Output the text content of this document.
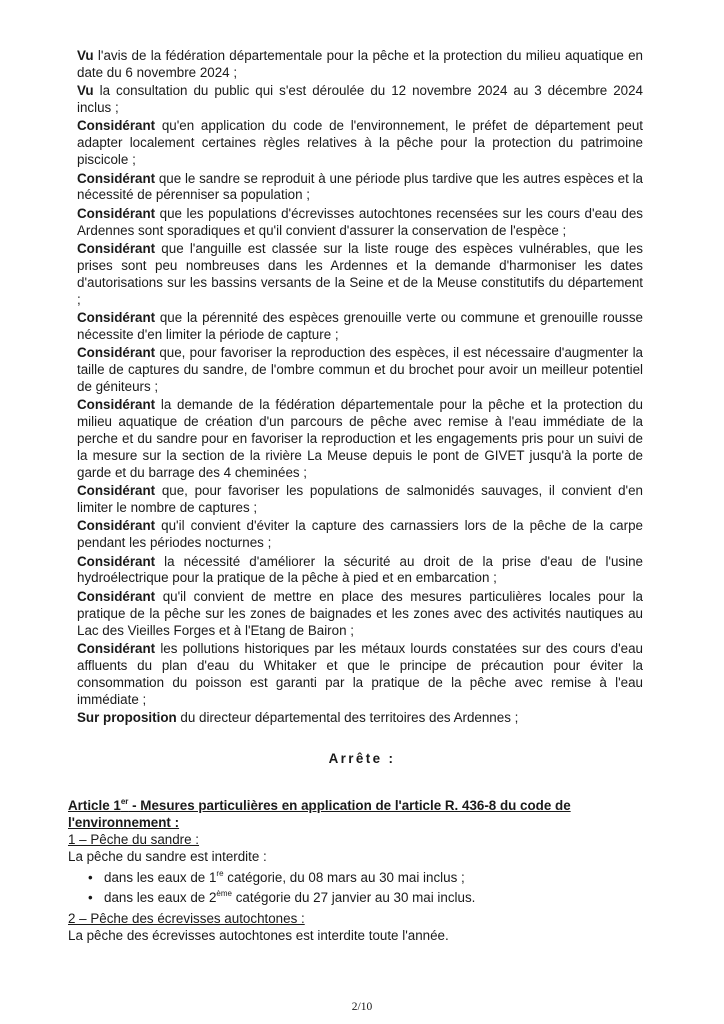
Vu l'avis de la fédération départementale pour la pêche et la protection du milieu aquatique en date du 6 novembre 2024 ;

Vu la consultation du public qui s'est déroulée du 12 novembre 2024 au 3 décembre 2024 inclus ;

Considérant qu'en application du code de l'environnement, le préfet de département peut adapter localement certaines règles relatives à la pêche pour la protection du patrimoine piscicole ;

Considérant que le sandre se reproduit à une période plus tardive que les autres espèces et la nécessité de pérenniser sa population ;

Considérant que les populations d'écrevisses autochtones recensées sur les cours d'eau des Ardennes sont sporadiques et qu'il convient d'assurer la conservation de l'espèce ;

Considérant que l'anguille est classée sur la liste rouge des espèces vulnérables, que les prises sont peu nombreuses dans les Ardennes et la demande d'harmoniser les dates d'autorisations sur les bassins versants de la Seine et de la Meuse constitutifs du département ;

Considérant que la pérennité des espèces grenouille verte ou commune et grenouille rousse nécessite d'en limiter la période de capture ;

Considérant que, pour favoriser la reproduction des espèces, il est nécessaire d'augmenter la taille de captures du sandre, de l'ombre commun et du brochet pour avoir un meilleur potentiel de géniteurs ;

Considérant la demande de la fédération départementale pour la pêche et la protection du milieu aquatique de création d'un parcours de pêche avec remise à l'eau immédiate de la perche et du sandre pour en favoriser la reproduction et les engagements pris pour un suivi de la mesure sur la section de la rivière La Meuse depuis le pont de GIVET jusqu'à la porte de garde et du barrage des 4 cheminées ;

Considérant que, pour favoriser les populations de salmonidés sauvages, il convient d'en limiter le nombre de captures ;

Considérant qu'il convient d'éviter la capture des carnassiers lors de la pêche de la carpe pendant les périodes nocturnes ;

Considérant la nécessité d'améliorer la sécurité au droit de la prise d'eau de l'usine hydroélectrique pour la pratique de la pêche à pied et en embarcation ;

Considérant qu'il convient de mettre en place des mesures particulières locales pour la pratique de la pêche sur les zones de baignades et les zones avec des activités nautiques au Lac des Vieilles Forges et à l'Etang de Bairon ;

Considérant les pollutions historiques par les métaux lourds constatées sur des cours d'eau affluents du plan d'eau du Whitaker et que le principe de précaution pour éviter la consommation du poisson est garanti par la pratique de la pêche avec remise à l'eau immédiate ;

Sur proposition du directeur départemental des territoires des Ardennes ;

Arrête :

Article 1er - Mesures particulières en application de l'article R. 436-8 du code de
l'environnement :

1 – Pêche du sandre :

La pêche du sandre est interdite :

• dans les eaux de 1re catégorie, du 08 mars au 30 mai inclus ;
• dans les eaux de 2ème catégorie du 27 janvier au 30 mai inclus.

2 – Pêche des écrevisses autochtones :

La pêche des écrevisses autochtones est interdite toute l'année.

2/10
